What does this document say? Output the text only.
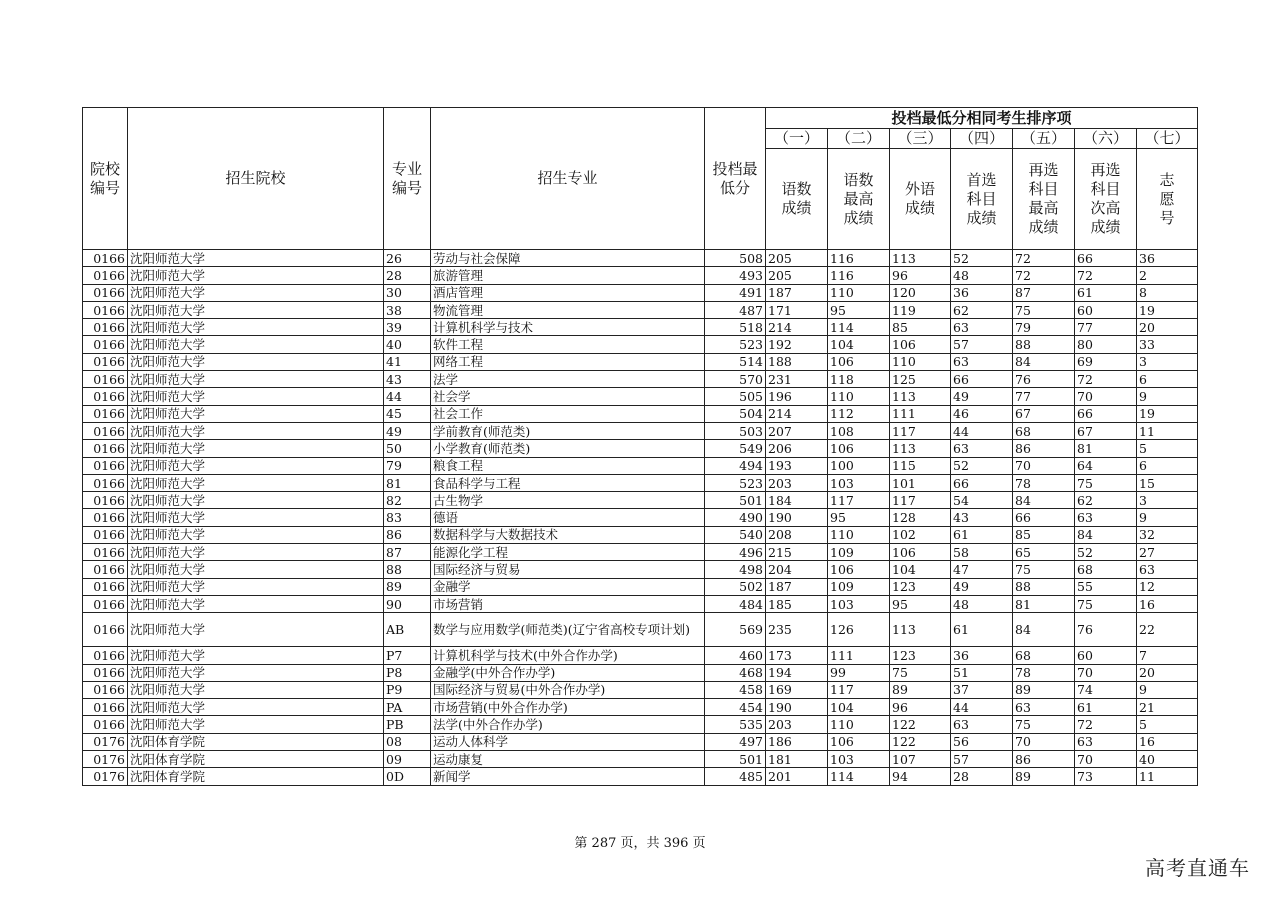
院校编号	招生院校	专业编号	招生专业	投档最低分	投档最低分相同考生排序项						
					（一）	（二）	（三）	（四）	（五）	（六）	（七）
					语数成绩	语数最高成绩	外语成绩	首选科目成绩	再选科目最高成绩	再选科目次高成绩	志愿号
0166	沈阳师范大学	26	劳动与社会保障	508	205	116	113	52	72	66	36
0166	沈阳师范大学	28	旅游管理	493	205	116	96	48	72	72	2
0166	沈阳师范大学	30	酒店管理	491	187	110	120	36	87	61	8
0166	沈阳师范大学	38	物流管理	487	171	95	119	62	75	60	19
0166	沈阳师范大学	39	计算机科学与技术	518	214	114	85	63	79	77	20
0166	沈阳师范大学	40	软件工程	523	192	104	106	57	88	80	33
0166	沈阳师范大学	41	网络工程	514	188	106	110	63	84	69	3
0166	沈阳师范大学	43	法学	570	231	118	125	66	76	72	6
0166	沈阳师范大学	44	社会学	505	196	110	113	49	77	70	9
0166	沈阳师范大学	45	社会工作	504	214	112	111	46	67	66	19
0166	沈阳师范大学	49	学前教育(师范类)	503	207	108	117	44	68	67	11
0166	沈阳师范大学	50	小学教育(师范类)	549	206	106	113	63	86	81	5
0166	沈阳师范大学	79	粮食工程	494	193	100	115	52	70	64	6
0166	沈阳师范大学	81	食品科学与工程	523	203	103	101	66	78	75	15
0166	沈阳师范大学	82	古生物学	501	184	117	117	54	84	62	3
0166	沈阳师范大学	83	德语	490	190	95	128	43	66	63	9
0166	沈阳师范大学	86	数据科学与大数据技术	540	208	110	102	61	85	84	32
0166	沈阳师范大学	87	能源化学工程	496	215	109	106	58	65	52	27
0166	沈阳师范大学	88	国际经济与贸易	498	204	106	104	47	75	68	63
0166	沈阳师范大学	89	金融学	502	187	109	123	49	88	55	12
0166	沈阳师范大学	90	市场营销	484	185	103	95	48	81	75	16
0166	沈阳师范大学	AB	数学与应用数学(师范类)(辽宁省高校专项计划)	569	235	126	113	61	84	76	22
0166	沈阳师范大学	P7	计算机科学与技术(中外合作办学)	460	173	111	123	36	68	60	7
0166	沈阳师范大学	P8	金融学(中外合作办学)	468	194	99	75	51	78	70	20
0166	沈阳师范大学	P9	国际经济与贸易(中外合作办学)	458	169	117	89	37	89	74	9
0166	沈阳师范大学	PA	市场营销(中外合作办学)	454	190	104	96	44	63	61	21
0166	沈阳师范大学	PB	法学(中外合作办学)	535	203	110	122	63	75	72	5
0176	沈阳体育学院	08	运动人体科学	497	186	106	122	56	70	63	16
0176	沈阳体育学院	09	运动康复	501	181	103	107	57	86	70	40
0176	沈阳体育学院	0D	新闻学	485	201	114	94	28	89	73	11
第 287 页，共 396 页
高考直通车
